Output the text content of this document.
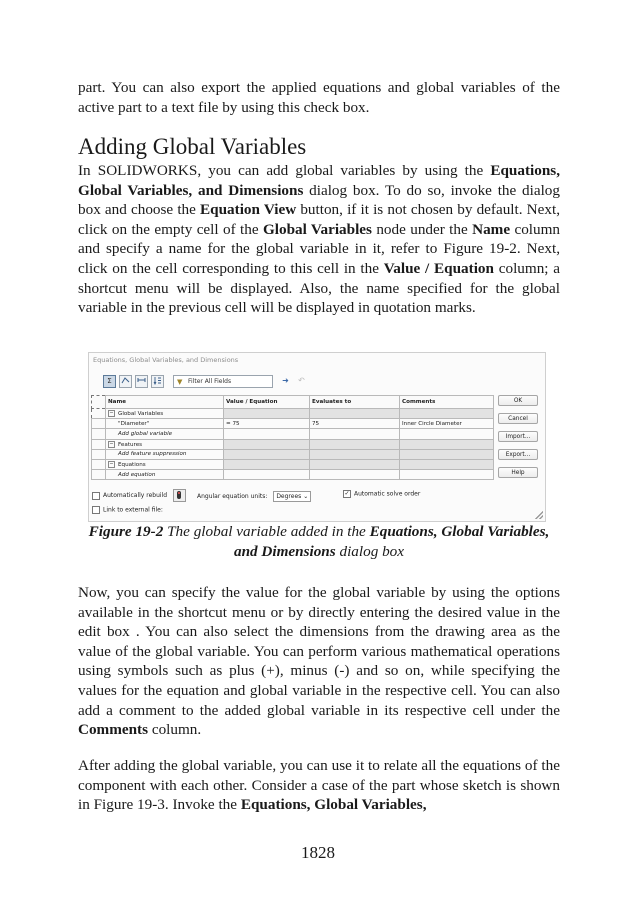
part. You can also export the applied equations and global variables of the active part to a text file by using this check box.

Adding Global Variables

In SOLIDWORKS, you can add global variables by using the Equations, Global Variables, and Dimensions dialog box. To do so, invoke the dialog box and choose the Equation View button, if it is not chosen by default. Next, click on the empty cell of the Global Variables node under the Name column and specify a name for the global variable in it, refer to Figure 19-2. Next, click on the cell corresponding to this cell in the Value / Equation column; a shortcut menu will be displayed. Also, the name specified for the global variable in the previous cell will be displayed in quotation marks.

Equations, Global Variables, and Dimensions
Σ	▼ Filter All Fields	➜	↶
	Name	Value / Equation	Evaluates to	Comments
	− Global Variables			
	"Diameter"	= 75	75	Inner Circle Diameter
	Add global variable			
	− Features			
	Add feature suppression			
	− Equations			
	Add equation			
OK
Cancel
Import...
Export...
Help
Automatically rebuild	Angular equation units: Degrees ⌄	✓ Automatic solve order
Link to external file:

Figure 19-2 The global variable added in the Equations, Global Variables, and Dimensions dialog box

Now, you can specify the value for the global variable by using the options available in the shortcut menu or by directly entering the desired value in the edit box . You can also select the dimensions from the drawing area as the value of the global variable. You can perform various mathematical operations using symbols such as plus (+), minus (-) and so on, while specifying the values for the equation and global variable in the respective cell. You can also add a comment to the added global variable in its respective cell under the Comments column.

After adding the global variable, you can use it to relate all the equations of the component with each other. Consider a case of the part whose sketch is shown in Figure 19-3. Invoke the Equations, Global Variables,

1828
